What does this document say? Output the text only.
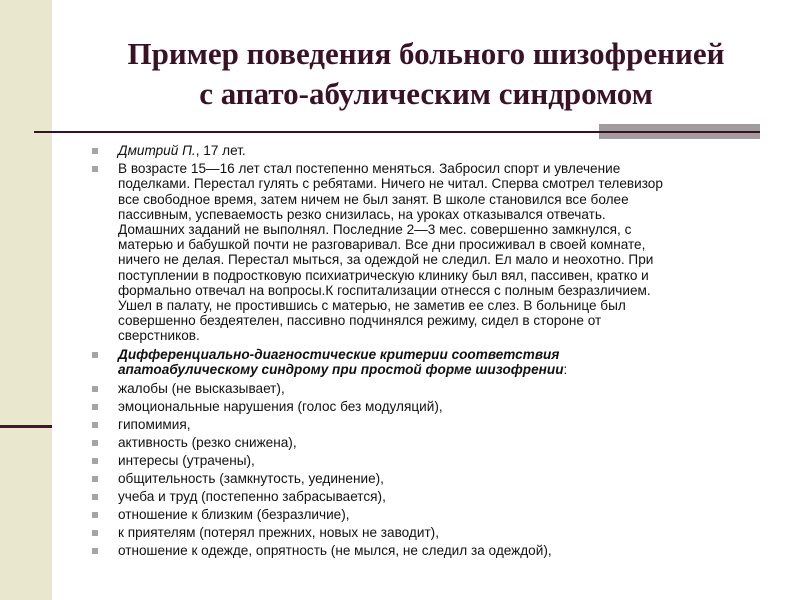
Пример поведения больного шизофренией
с апато-абулическим синдромом
Дмитрий П., 17 лет.
В возрасте 15—16 лет стал постепенно меняться. Забросил спорт и увлечение
поделками. Перестал гулять с ребятами. Ничего не читал. Сперва смотрел телевизор
все свободное время, затем ничем не был занят. В школе становился все более
пассивным, успеваемость резко снизилась, на уроках отказывался отвечать.
Домашних заданий не выполнял. Последние 2—3 мес. совершенно замкнулся, с
матерью и бабушкой почти не разговаривал. Все дни просиживал в своей комнате,
ничего не делая. Перестал мыться, за одеждой не следил. Ел мало и неохотно. При
поступлении в подростковую психиатрическую клинику был вял, пассивен, кратко и
формально отвечал на вопросы.К госпитализации отнесся с полным безразличием.
Ушел в палату, не простившись с матерью, не заметив ее слез. В больнице был
совершенно бездеятелен, пассивно подчинялся режиму, сидел в стороне от
сверстников.
Дифференциально-диагностические критерии соответствия
апатоабулическому синдрому при простой форме шизофрении:
жалобы (не высказывает),
эмоциональные нарушения (голос без модуляций),
гипомимия,
активность (резко снижена),
интересы (утрачены),
общительность (замкнутость, уединение),
учеба и труд (постепенно забрасывается),
отношение к близким (безразличие),
к приятелям (потерял прежних, новых не заводит),
отношение к одежде, опрятность (не мылся, не следил за одеждой),
